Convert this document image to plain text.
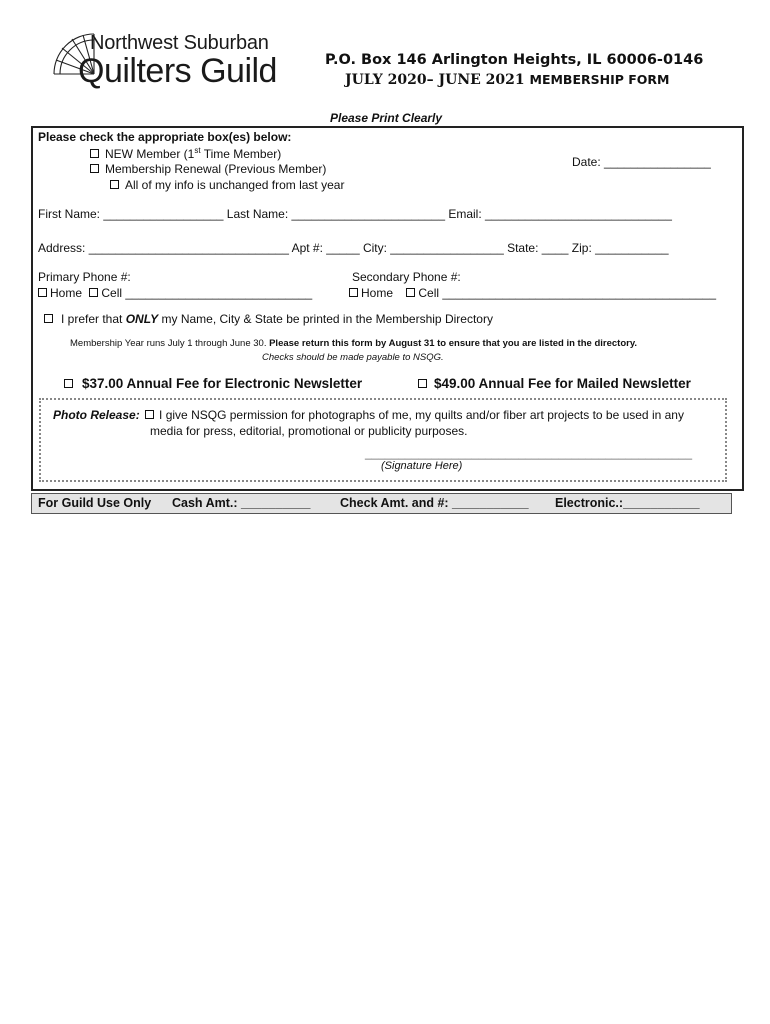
Northwest Suburban
Quilters Guild	P.O. Box 146 Arlington Heights, IL 60006-0146
JULY 2020– JUNE 2021 MEMBERSHIP FORM
Please Print Clearly
Please check the appropriate box(es) below:
NEW Member (1st Time Member)
Membership Renewal (Previous Member)
All of my info is unchanged from last year
Date: ________________
First Name: __________________ Last Name: _______________________ Email: ____________________________
Address: ______________________________ Apt #: _____ City: _________________ State: ____ Zip: ___________
Primary Phone #:
Home Cell ____________________________
Secondary Phone #:
Home Cell _________________________________________
I prefer that ONLY my Name, City & State be printed in the Membership Directory
Membership Year runs July 1 through June 30. Please return this form by August 31 to ensure that you are listed in the directory.
Checks should be made payable to NSQG.
$37.00 Annual Fee for Electronic Newsletter	$49.00 Annual Fee for Mailed Newsletter
Photo Release: I give NSQG permission for photographs of me, my quilts and/or fiber art projects to be used in any
media for press, editorial, promotional or publicity purposes.
_________________________________________________
(Signature Here)
For Guild Use Only Cash Amt.: __________ Check Amt. and #: ___________ Electronic.:___________
